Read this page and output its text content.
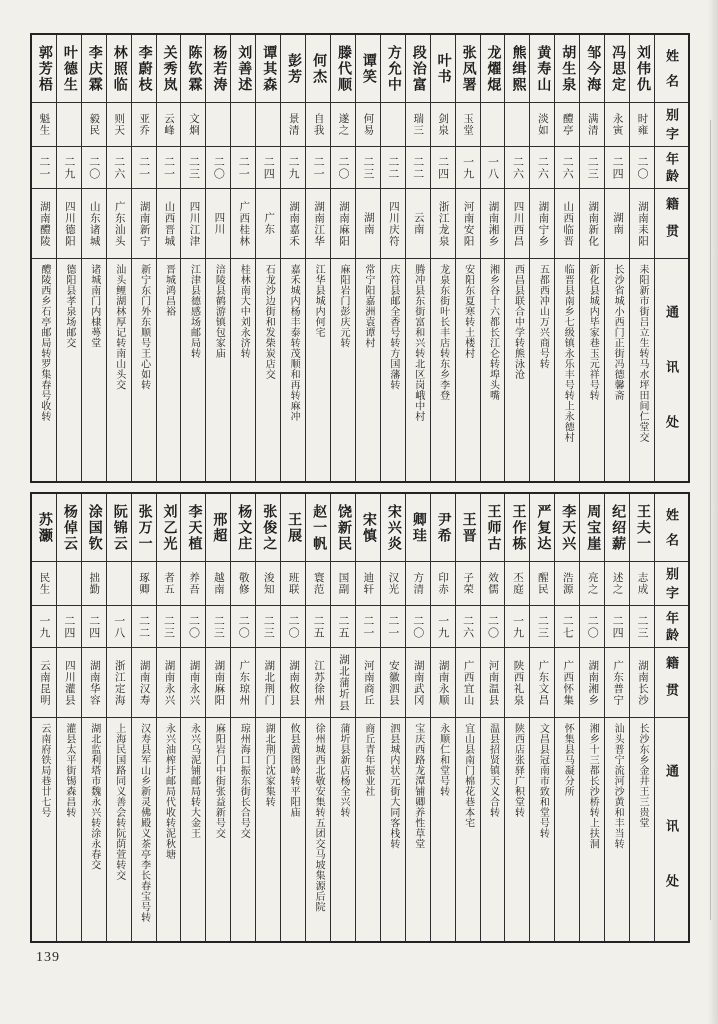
姓名
别字
年龄
籍贯
通讯处
刘伟仇
时雍
二〇
湖南耒阳
耒阳新市街吕立生转马水坪田间仁堂交
冯思定
永寅
二四
湖南
长沙省城小西门正街冯德馨斋
邹今海
满清
二三
湖南新化
新化县城内毕家巷玉元祥号转
胡生泉
醴亭
二六
山西临晋
临晋县南乡七级镇永乐丰号转上永德村
黄寿山
淡如
二六
湖南宁乡
五都西冲山万兴商号转
熊缉熙
二六
四川西昌
西昌县联合中学转熊泳沧
龙燿焜
一八
湖南湘乡
湘乡谷十六都长江仑转埠头嘴
张凤署
玉堂
一九
河南安阳
安阳东夏寒转土楼村
叶书
剑泉
二四
浙江龙泉
龙泉东街叶长丰店转东乡李登
段治富
瑞三
二二
云南
腾冲县东街富和兴转北区岗峨中村
方允中
二二
四川庆符
庆符县邮全香号转方国藩转
谭笑
何易
二三
湖南
常宁阳嘉洲袁谭村
滕代顺
遂之
二〇
湖南麻阳
麻阳岩门彭庆元转
何杰
自我
二一
湖南江华
江华县城内何宅
彭芳
景清
二九
湖南嘉禾
嘉禾城内杨丰泰转茂顺和再转麻冲
谭其森
二四
广东
石龙沙边街和发柴炭店交
刘善述
二一
广西桂林
桂林南大中刘永济转
杨若涛
二〇
四川
涪陵县鹤游镇包家庙
陈钦霖
文烱
二三
四川江津
江津县德感场邮局转
关秀岚
云峰
二一
山西晋城
晋城鸿昌裕
李蔚枝
亚乔
二一
湖南新宁
新宁东门外东顺号王心如转
林照临
则天
二六
广东汕头
汕头鲤湖林厚记转南山头交
李庆霖
毅民
二〇
山东诸城
诸城南门内棣蕚堂
叶德生
二九
四川德阳
德阳县孝泉场邮交
郭芳梧
魁生
二一
湖南醴陵
醴陵西乡石亭邮局转罗集春号收转
姓名
别字
年龄
籍贯
通讯处
王夫一
志成
二三
湖南长沙
长沙东乡金井王三贵堂
纪绍薪
述之
二四
广东普宁
汕头普宁流河沙黄和丰当转
周宝崖
亮之
二〇
湖南湘乡
湘乡十三都长沙桥转上扶洞
李天兴
浩源
二七
广西怀集
怀集县马凝分所
严复达
醒民
二三
广东文昌
文昌县冠南市致和堂号转
王作栋
丕庭
一九
陕西礼泉
陕西店张驿广积堂转
王师古
效儒
二〇
河南温县
温县招贤镇天义合转
王晋
子荣
二六
广西宜山
宜山县南门棉花巷本宅
尹希
印赤
一九
湖南永顺
永顺仁和堂号转
卿珪
方清
二〇
湖南武冈
宝庆西路龙潭铺卿养性草堂
宋兴炎
汉光
二一
安徽泗县
泗县城内状元街大同客栈转
宋慎
迪轩
二一
河南商丘
商丘青年振业社
饶新民
国副
二五
湖北蒲圻县
蒲圻县新店杨全兴转
赵一帆
寰范
二五
江苏徐州
徐州城西北敬安集转五团交马坡集源后院
王展
班联
二〇
湖南攸县
攸县黄图岭转平阳庙
张俊之
浚知
二三
湖北荆门
湖北荆门沈家集转
杨文庄
敬修
二〇
广东琼州
琼州海口振东街长合号交
邢超
越南
二三
湖南麻阳
麻阳岩门中街张益新号交
李天植
养吾
二〇
湖南永兴
永兴乌泥铺邮局转大金王
刘乙光
者五
二三
湖南永兴
永兴油榨圩邮局代收转泥秋塘
张万一
琢卿
二二
湖南汉寿
汉寿县军山乡新灵佛殿义茶亭李长春宝号转
阮锦云
一八
浙江定海
上海民国路同义善会转阮荫萱转交
涂国钦
拙勤
二四
湖南华容
湖北监利塔市魏永兴转涂永春交
杨倬云
二四
四川灌县
灌县太平街锡森昌转
苏灏
民生
一九
云南昆明
云南府铁局巷廿七号
139
